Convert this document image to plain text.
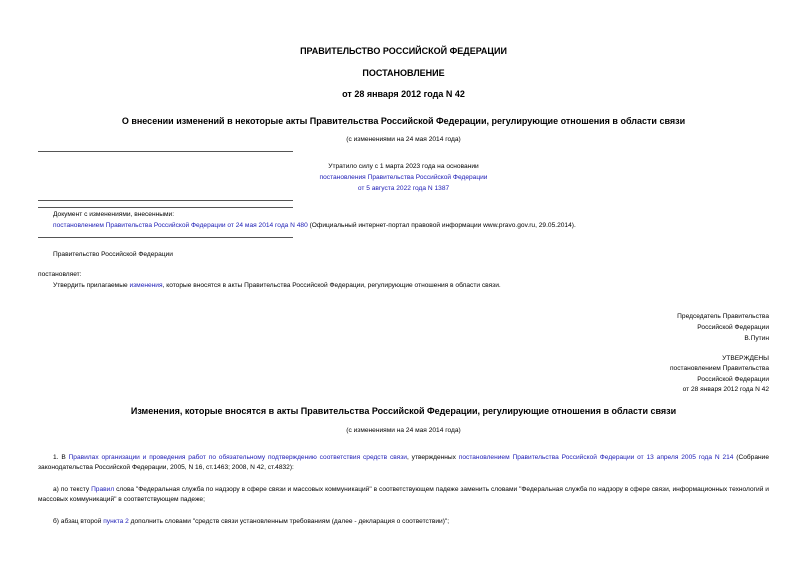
ПРАВИТЕЛЬСТВО РОССИЙСКОЙ ФЕДЕРАЦИИ
ПОСТАНОВЛЕНИЕ
от 28 января 2012 года N 42
О внесении изменений в некоторые акты Правительства Российской Федерации, регулирующие отношения в области связи
(с изменениями на 24 мая 2014 года)
Утратило силу с 1 марта 2023 года на основании
постановления Правительства Российской Федерации
от 5 августа 2022 года N 1387
Документ с изменениями, внесенными:
постановлением Правительства Российской Федерации от 24 мая 2014 года N 480 (Официальный интернет-портал правовой информации www.pravo.gov.ru, 29.05.2014).
Правительство Российской Федерации
постановляет:
Утвердить прилагаемые изменения, которые вносятся в акты Правительства Российской Федерации, регулирующие отношения в области связи.
Председатель Правительства
Российской Федерации
В.Путин
УТВЕРЖДЕНЫ
постановлением Правительства
Российской Федерации
от 28 января 2012 года N 42
Изменения, которые вносятся в акты Правительства Российской Федерации, регулирующие отношения в области связи
(с изменениями на 24 мая 2014 года)
1. В Правилах организации и проведения работ по обязательному подтверждению соответствия средств связи, утвержденных постановлением Правительства Российской Федерации от 13 апреля 2005 года N 214 (Собрание законодательства Российской Федерации, 2005, N 16, ст.1463; 2008, N 42, ст.4832):
а) по тексту Правил слова "Федеральная служба по надзору в сфере связи и массовых коммуникаций" в соответствующем падеже заменить словами "Федеральная служба по надзору в сфере связи, информационных технологий и массовых коммуникаций" в соответствующем падеже;
б) абзац второй пункта 2 дополнить словами "средств связи установленным требованиям (далее - декларация о соответствии)";
